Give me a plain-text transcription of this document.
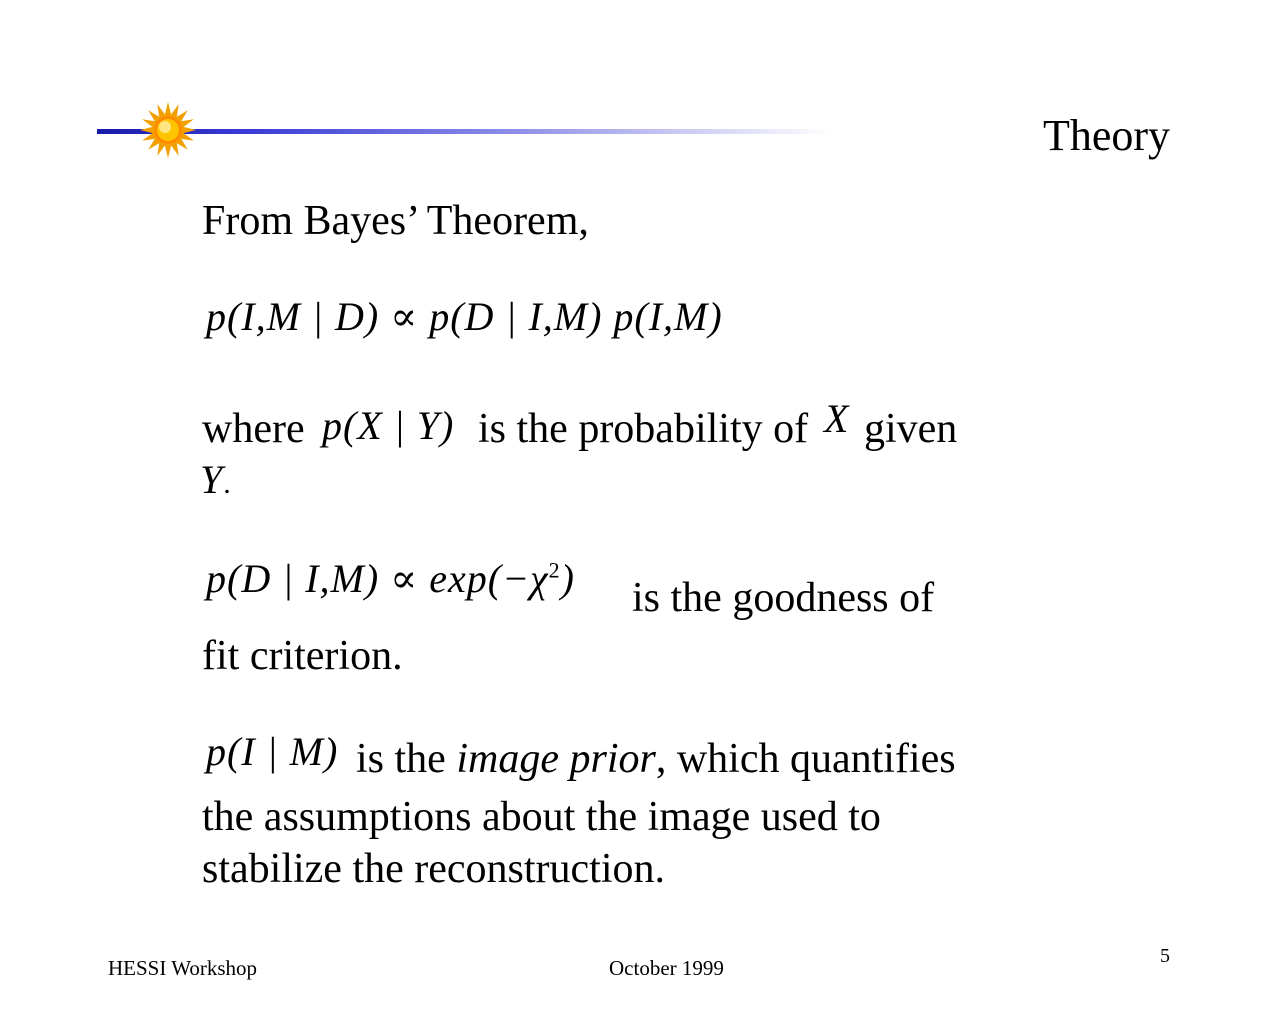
Theory
From Bayes’ Theorem,
p(I,M | D) ∝ p(D | I,M) p(I,M)
where p(X | Y) is the probability of X given
Y.
p(D | $I,M) \propto \exp(-\chi^2)$ is the goodness of
fit criterion.
p(I | M) is the image prior, which quantifies
the assumptions about the image used to
stabilize the reconstruction.
HESSI Workshop	October 1999	5
